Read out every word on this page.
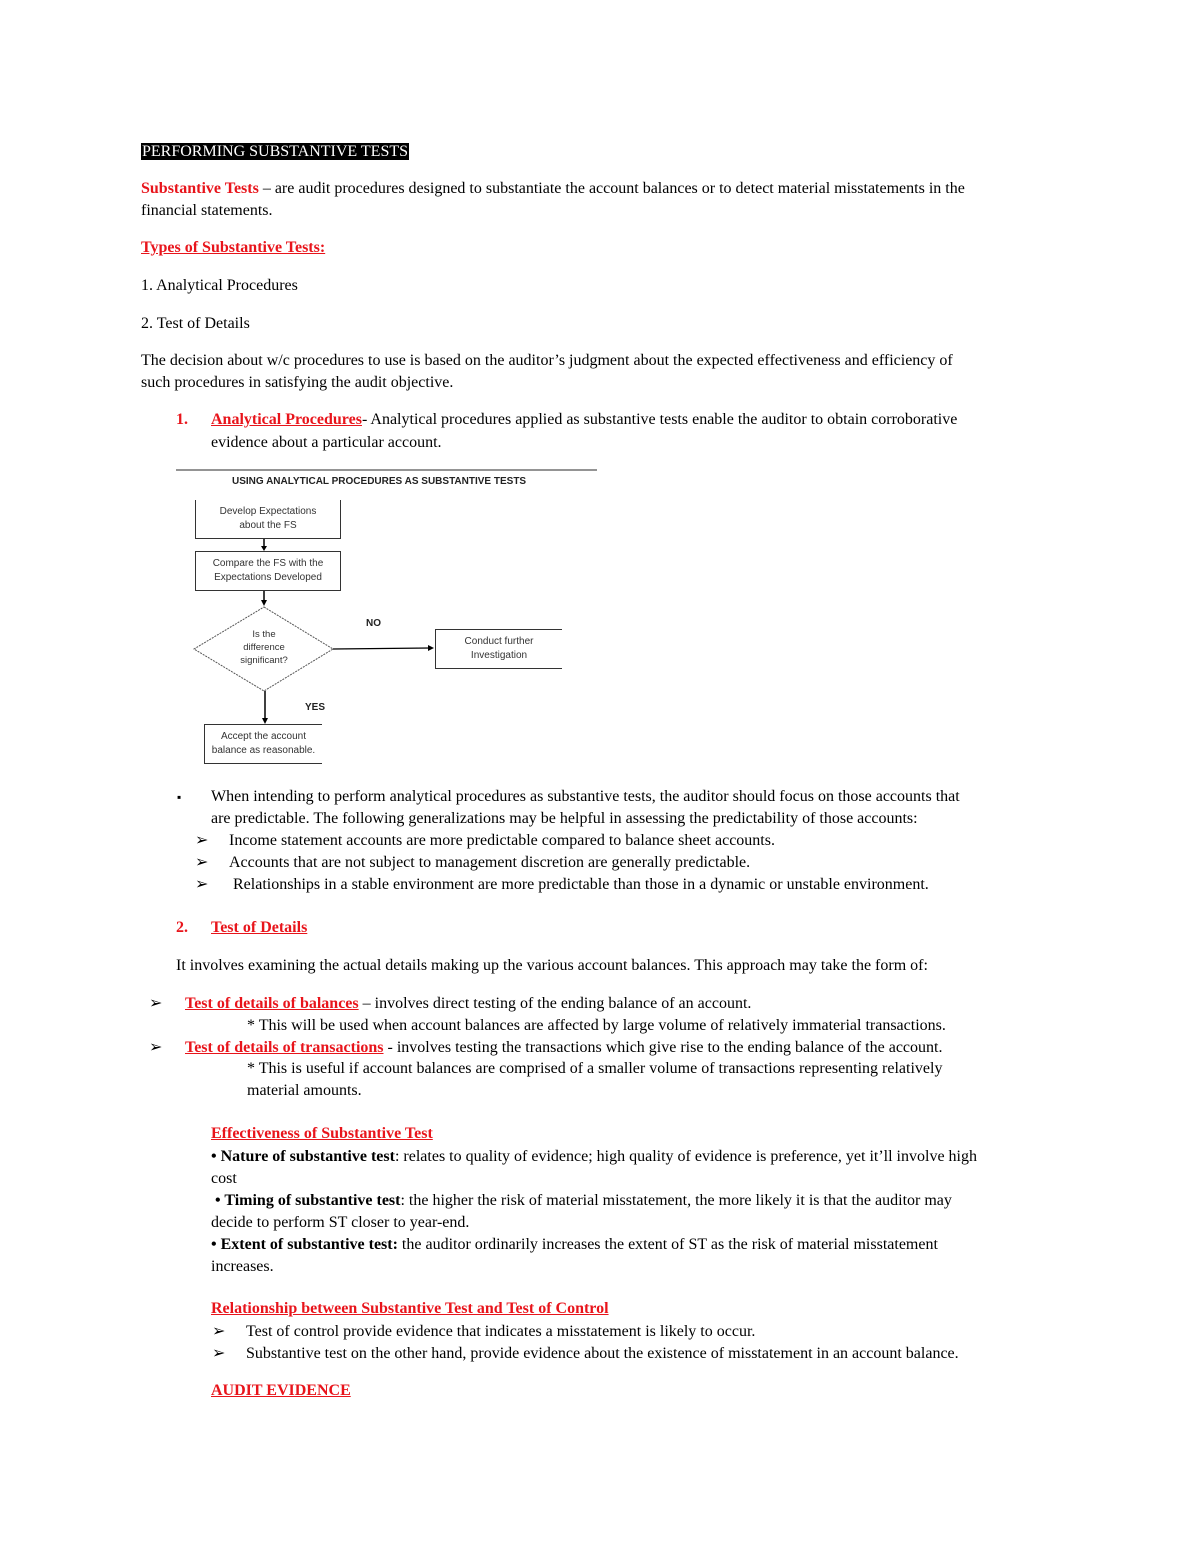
PERFORMING SUBSTANTIVE TESTS
Substantive Tests – are audit procedures designed to substantiate the account balances or to detect material misstatements in the
financial statements.
Types of Substantive Tests:
1. Analytical Procedures
2. Test of Details
The decision about w/c procedures to use is based on the auditor’s judgment about the expected effectiveness and efficiency of
such procedures in satisfying the audit objective.
1. Analytical Procedures- Analytical procedures applied as substantive tests enable the auditor to obtain corroborative
evidence about a particular account.
USING ANALYTICAL PROCEDURES AS SUBSTANTIVE TESTS
Develop Expectations
about the FS
Compare the FS with the
Expectations Developed
Is the
difference
significant?
NO
YES
Conduct further
Investigation
Accept the account
balance as reasonable.
▪ When intending to perform analytical procedures as substantive tests, the auditor should focus on those accounts that
are predictable. The following generalizations may be helpful in assessing the predictability of those accounts:
➢ Income statement accounts are more predictable compared to balance sheet accounts.
➢ Accounts that are not subject to management discretion are generally predictable.
➢ Relationships in a stable environment are more predictable than those in a dynamic or unstable environment.
2. Test of Details
It involves examining the actual details making up the various account balances. This approach may take the form of:
➢ Test of details of balances – involves direct testing of the ending balance of an account.
* This will be used when account balances are affected by large volume of relatively immaterial transactions.
➢ Test of details of transactions - involves testing the transactions which give rise to the ending balance of the account.
* This is useful if account balances are comprised of a smaller volume of transactions representing relatively
material amounts.
Effectiveness of Substantive Test
• Nature of substantive test: relates to quality of evidence; high quality of evidence is preference, yet it’ll involve high
cost
• Timing of substantive test: the higher the risk of material misstatement, the more likely it is that the auditor may
decide to perform ST closer to year-end.
• Extent of substantive test: the auditor ordinarily increases the extent of ST as the risk of material misstatement
increases.
Relationship between Substantive Test and Test of Control
➢ Test of control provide evidence that indicates a misstatement is likely to occur.
➢ Substantive test on the other hand, provide evidence about the existence of misstatement in an account balance.
AUDIT EVIDENCE
